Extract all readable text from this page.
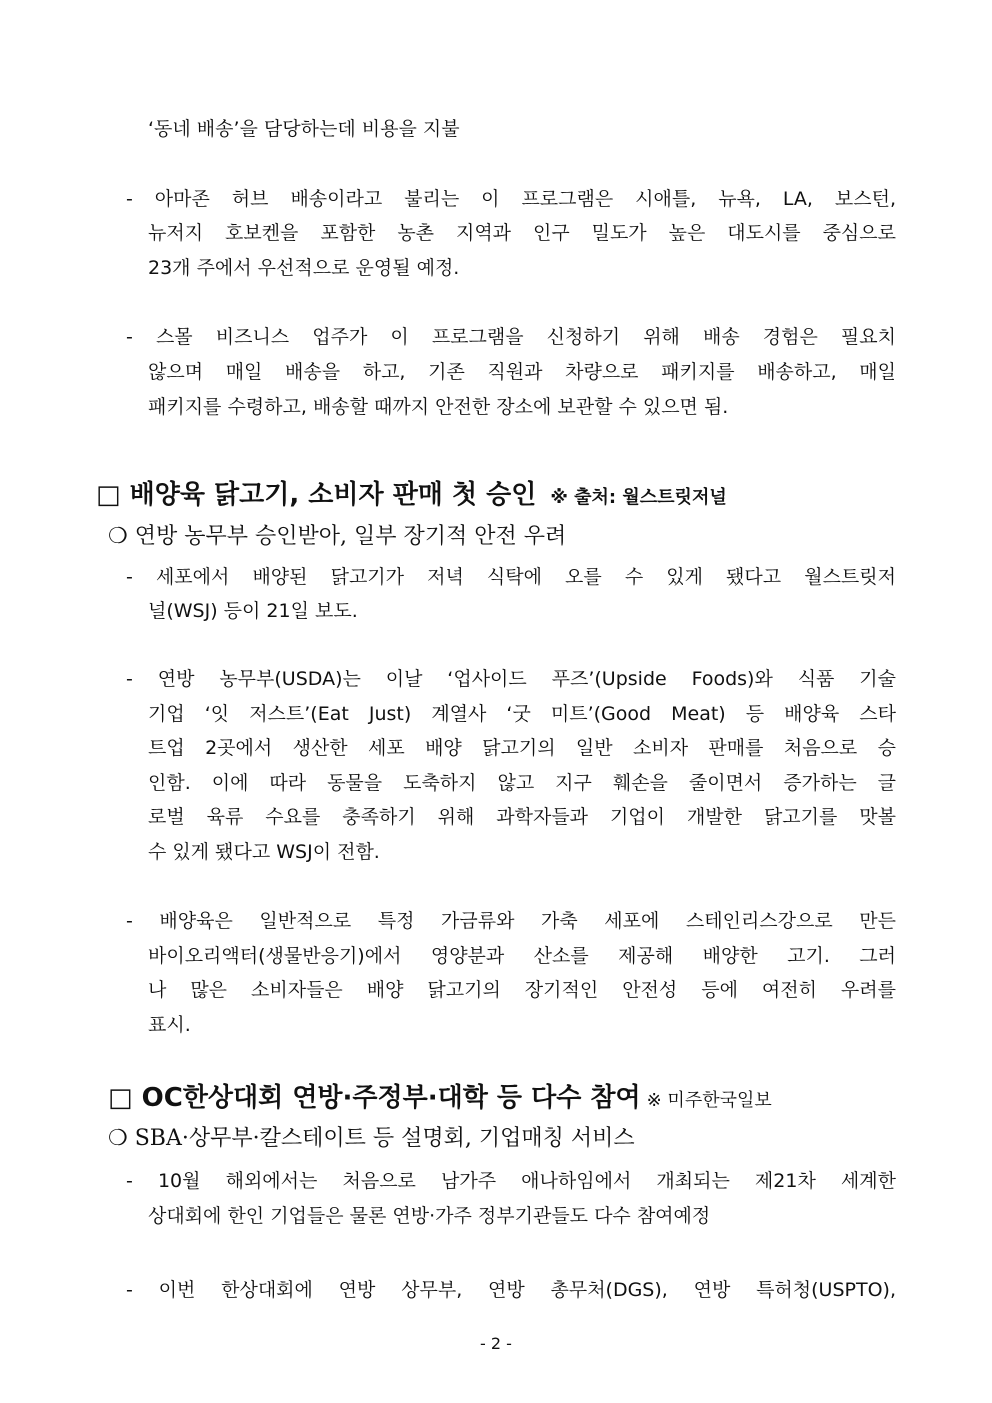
‘동네 배송’을 담당하는데 비용을 지불
- 아마존 허브 배송이라고 불리는 이 프로그램은 시애틀, 뉴욕, LA, 보스턴,
뉴저지 호보켄을 포함한 농촌 지역과 인구 밀도가 높은 대도시를 중심으로
23개 주에서 우선적으로 운영될 예정.
- 스몰 비즈니스 업주가 이 프로그램을 신청하기 위해 배송 경험은 필요치
않으며 매일 배송을 하고, 기존 직원과 차량으로 패키지를 배송하고, 매일
패키지를 수령하고, 배송할 때까지 안전한 장소에 보관할 수 있으면 됨.
□ 배양육 닭고기, 소비자 판매 첫 승인 ※ 출처: 월스트릿저널
❍ 연방 농무부 승인받아, 일부 장기적 안전 우려
- 세포에서 배양된 닭고기가 저녁 식탁에 오를 수 있게 됐다고 월스트릿저
널(WSJ) 등이 21일 보도.
- 연방 농무부(USDA)는 이날 ‘업사이드 푸즈’(Upside Foods)와 식품 기술
기업 ‘잇 저스트’(Eat Just) 계열사 ‘굿 미트’(Good Meat) 등 배양육 스타
트업 2곳에서 생산한 세포 배양 닭고기의 일반 소비자 판매를 처음으로 승
인함. 이에 따라 동물을 도축하지 않고 지구 훼손을 줄이면서 증가하는 글
로벌 육류 수요를 충족하기 위해 과학자들과 기업이 개발한 닭고기를 맛볼
수 있게 됐다고 WSJ이 전함.
- 배양육은 일반적으로 특정 가금류와 가축 세포에 스테인리스강으로 만든
바이오리액터(생물반응기)에서 영양분과 산소를 제공해 배양한 고기. 그러
나 많은 소비자들은 배양 닭고기의 장기적인 안전성 등에 여전히 우려를
표시.
□ OC한상대회 연방·주정부·대학 등 다수 참여 ※ 미주한국일보
❍ SBA·상무부·칼스테이트 등 설명회, 기업매칭 서비스
- 10월 해외에서는 처음으로 남가주 애나하임에서 개최되는 제21차 세계한
상대회에 한인 기업들은 물론 연방·가주 정부기관들도 다수 참여예정
- 이번 한상대회에 연방 상무부, 연방 총무처(DGS), 연방 특허청(USPTO),
- 2 -
